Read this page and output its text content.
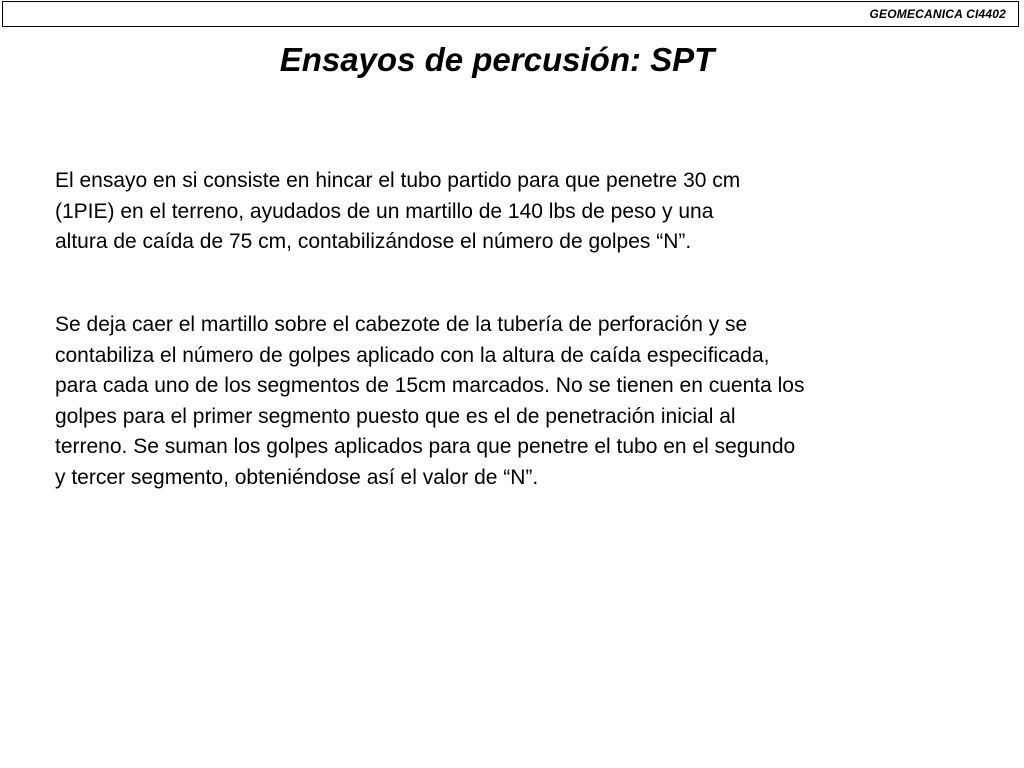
GEOMECANICA CI4402
Ensayos de percusión: SPT
El ensayo en si consiste en hincar el tubo partido para que penetre 30 cm
(1PIE) en el terreno, ayudados de un martillo de 140 lbs de peso y una
altura de caída de 75 cm, contabilizándose el número de golpes “N”.
Se deja caer el martillo sobre el cabezote de la tubería de perforación y se
contabiliza el número de golpes aplicado con la altura de caída especificada,
para cada uno de los segmentos de 15cm marcados. No se tienen en cuenta los
golpes para el primer segmento puesto que es el de penetración inicial al
terreno. Se suman los golpes aplicados para que penetre el tubo en el segundo
y tercer segmento, obteniéndose así el valor de “N”.
